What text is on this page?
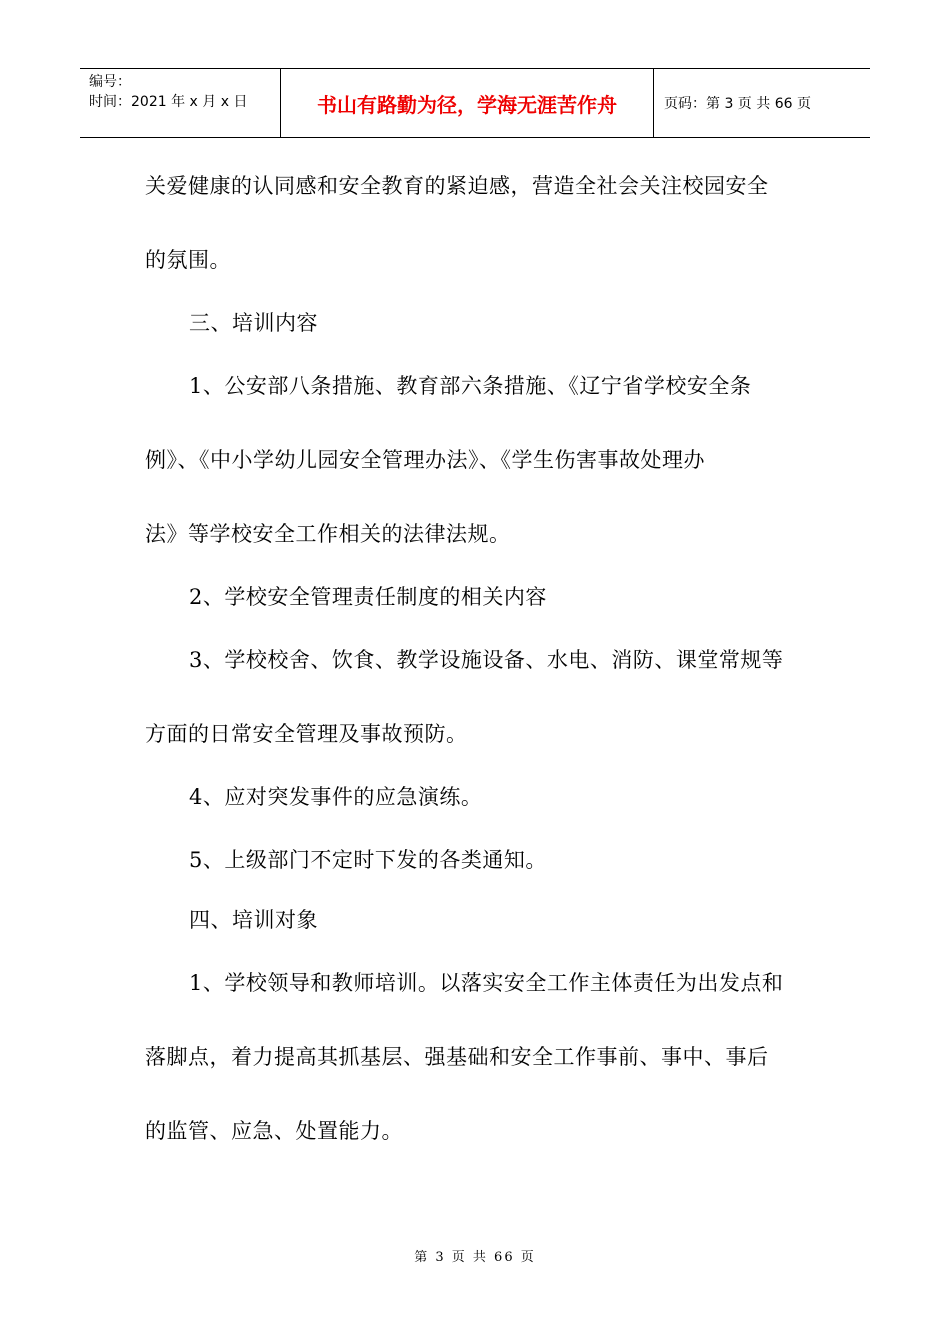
编号：
时间：2021 年 x 月 x 日	书山有路勤为径，学海无涯苦作舟	页码：第 3 页 共 66 页
关爱健康的认同感和安全教育的紧迫感，营造全社会关注校园安全
的氛围。
三、培训内容
1、公安部八条措施、教育部六条措施、《辽宁省学校安全条
例》、《中小学幼儿园安全管理办法》、《学生伤害事故处理办
法》等学校安全工作相关的法律法规。
2、学校安全管理责任制度的相关内容
3、学校校舍、饮食、教学设施设备、水电、消防、课堂常规等
方面的日常安全管理及事故预防。
4、应对突发事件的应急演练。
5、上级部门不定时下发的各类通知。
四、培训对象
1、学校领导和教师培训。以落实安全工作主体责任为出发点和
落脚点，着力提高其抓基层、强基础和安全工作事前、事中、事后
的监管、应急、处置能力。
第 3 页 共 66 页
